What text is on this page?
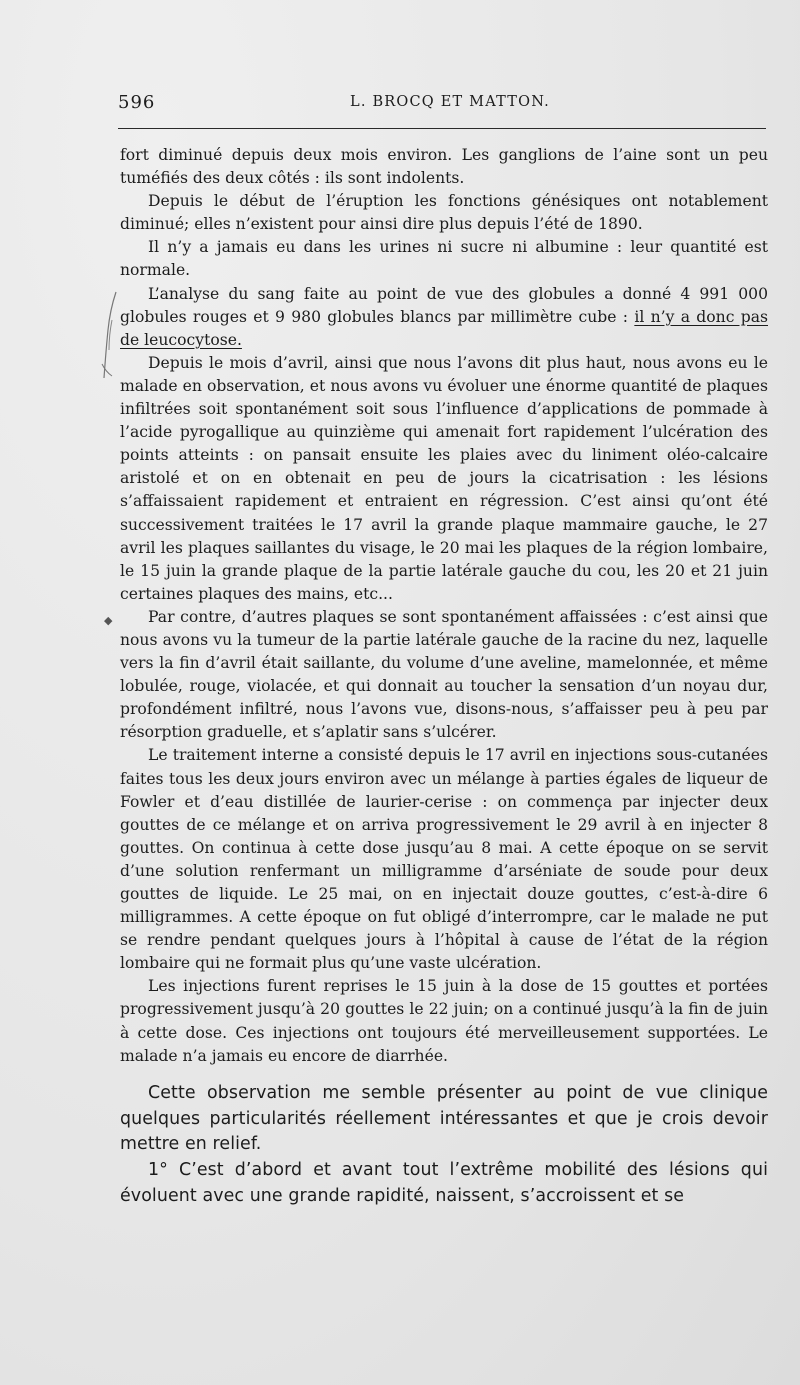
596	L. BROCQ ET MATTON.
◆

fort diminué depuis deux mois environ. Les ganglions de l’aine sont un peu tuméfiés des deux côtés : ils sont indolents.

Depuis le début de l’éruption les fonctions génésiques ont notablement diminué; elles n’existent pour ainsi dire plus depuis l’été de 1890.

Il n’y a jamais eu dans les urines ni sucre ni albumine : leur quantité est normale.

L’analyse du sang faite au point de vue des globules a donné 4 991 000 globules rouges et 9 980 globules blancs par millimètre cube : il n’y a donc pas de leucocytose.

Depuis le mois d’avril, ainsi que nous l’avons dit plus haut, nous avons eu le malade en observation, et nous avons vu évoluer une énorme quantité de plaques infiltrées soit spontanément soit sous l’influence d’applications de pommade à l’acide pyrogallique au quinzième qui amenait fort rapidement l’ulcération des points atteints : on pansait ensuite les plaies avec du liniment oléo-calcaire aristolé et on en obtenait en peu de jours la cicatrisation : les lésions s’affaissaient rapidement et entraient en régression. C’est ainsi qu’ont été successivement traitées le 17 avril la grande plaque mammaire gauche, le 27 avril les plaques saillantes du visage, le 20 mai les plaques de la région lombaire, le 15 juin la grande plaque de la partie latérale gauche du cou, les 20 et 21 juin certaines plaques des mains, etc...

Par contre, d’autres plaques se sont spontanément affaissées : c’est ainsi que nous avons vu la tumeur de la partie latérale gauche de la racine du nez, laquelle vers la fin d’avril était saillante, du volume d’une aveline, mamelonnée, et même lobulée, rouge, violacée, et qui donnait au toucher la sensation d’un noyau dur, profondément infiltré, nous l’avons vue, disons-nous, s’affaisser peu à peu par résorption graduelle, et s’aplatir sans s’ulcérer.

Le traitement interne a consisté depuis le 17 avril en injections sous-cutanées faites tous les deux jours environ avec un mélange à parties égales de liqueur de Fowler et d’eau distillée de laurier-cerise : on commença par injecter deux gouttes de ce mélange et on arriva progressivement le 29 avril à en injecter 8 gouttes. On continua à cette dose jusqu’au 8 mai. A cette époque on se servit d’une solution renfermant un milligramme d’arséniate de soude pour deux gouttes de liquide. Le 25 mai, on en injectait douze gouttes, c’est-à-dire 6 milligrammes. A cette époque on fut obligé d’interrompre, car le malade ne put se rendre pendant quelques jours à l’hôpital à cause de l’état de la région lombaire qui ne formait plus qu’une vaste ulcération.

Les injections furent reprises le 15 juin à la dose de 15 gouttes et portées progressivement jusqu’à 20 gouttes le 22 juin; on a continué jusqu’à la fin de juin à cette dose. Ces injections ont toujours été merveilleusement supportées. Le malade n’a jamais eu encore de diarrhée.

Cette observation me semble présenter au point de vue clinique quelques particularités réellement intéressantes et que je crois devoir mettre en relief.

1° C’est d’abord et avant tout l’extrême mobilité des lésions qui évoluent avec une grande rapidité, naissent, s’accroissent et se
